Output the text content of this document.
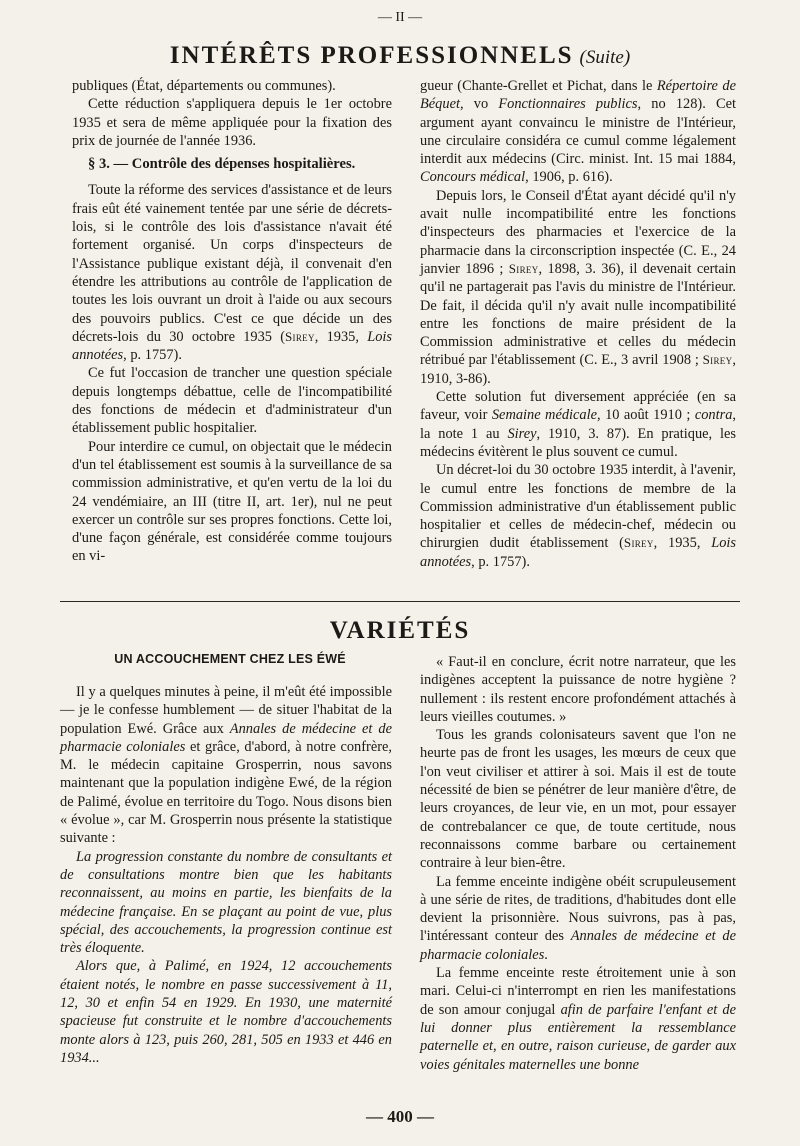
— II —
INTÉRÊTS PROFESSIONNELS (Suite)

publiques (État, départements ou communes).

Cette réduction s'appliquera depuis le 1er octobre 1935 et sera de même appliquée pour la fixation des prix de journée de l'année 1936.

§ 3. — Contrôle des dépenses hospitalières.

Toute la réforme des services d'assistance et de leurs frais eût été vainement tentée par une série de décrets-lois, si le contrôle des lois d'assistance n'avait été fortement organisé. Un corps d'inspecteurs de l'Assistance publique existant déjà, il convenait d'en étendre les attributions au contrôle de l'application de toutes les lois ouvrant un droit à l'aide ou aux secours des pouvoirs publics. C'est ce que décide un des décrets-lois du 30 octobre 1935 (Sirey, 1935, Lois annotées, p. 1757).

Ce fut l'occasion de trancher une question spéciale depuis longtemps débattue, celle de l'incompatibilité des fonctions de médecin et d'administrateur d'un établissement public hospitalier.

Pour interdire ce cumul, on objectait que le médecin d'un tel établissement est soumis à la surveillance de sa commission administrative, et qu'en vertu de la loi du 24 vendémiaire, an III (titre II, art. 1er), nul ne peut exercer un contrôle sur ses propres fonctions. Cette loi, d'une façon générale, est considérée comme toujours en vi-

gueur (Chante-Grellet et Pichat, dans le Répertoire de Béquet, vo Fonctionnaires publics, no 128). Cet argument ayant convaincu le ministre de l'Intérieur, une circulaire considéra ce cumul comme légalement interdit aux médecins (Circ. minist. Int. 15 mai 1884, Concours médical, 1906, p. 616).

Depuis lors, le Conseil d'État ayant décidé qu'il n'y avait nulle incompatibilité entre les fonctions d'inspecteurs des pharmacies et l'exercice de la pharmacie dans la circonscription inspectée (C. E., 24 janvier 1896 ; Sirey, 1898, 3. 36), il devenait certain qu'il ne partagerait pas l'avis du ministre de l'Intérieur. De fait, il décida qu'il n'y avait nulle incompatibilité entre les fonctions de maire président de la Commission administrative et celles du médecin rétribué par l'établissement (C. E., 3 avril 1908 ; Sirey, 1910, 3-86).

Cette solution fut diversement appréciée (en sa faveur, voir Semaine médicale, 10 août 1910 ; contra, la note 1 au Sirey, 1910, 3. 87). En pratique, les médecins évitèrent le plus souvent ce cumul.

Un décret-loi du 30 octobre 1935 interdit, à l'avenir, le cumul entre les fonctions de membre de la Commission administrative d'un établissement public hospitalier et celles de médecin-chef, médecin ou chirurgien dudit établissement (Sirey, 1935, Lois annotées, p. 1757).

VARIÉTÉS
UN ACCOUCHEMENT CHEZ LES ÉWÉ

Il y a quelques minutes à peine, il m'eût été impossible — je le confesse humblement — de situer l'habitat de la population Ewé. Grâce aux Annales de médecine et de pharmacie coloniales et grâce, d'abord, à notre confrère, M. le médecin capitaine Grosperrin, nous savons maintenant que la population indigène Ewé, de la région de Palimé, évolue en territoire du Togo. Nous disons bien « évolue », car M. Grosperrin nous présente la statistique suivante :

La progression constante du nombre de consultants et de consultations montre bien que les habitants reconnaissent, au moins en partie, les bienfaits de la médecine française. En se plaçant au point de vue, plus spécial, des accouchements, la progression continue est très éloquente.

Alors que, à Palimé, en 1924, 12 accouchements étaient notés, le nombre en passe successivement à 11, 12, 30 et enfin 54 en 1929. En 1930, une maternité spacieuse fut construite et le nombre d'accouchements monte alors à 123, puis 260, 281, 505 en 1933 et 446 en 1934...

« Faut-il en conclure, écrit notre narrateur, que les indigènes acceptent la puissance de notre hygiène ? nullement : ils restent encore profondément attachés à leurs vieilles coutumes. »

Tous les grands colonisateurs savent que l'on ne heurte pas de front les usages, les mœurs de ceux que l'on veut civiliser et attirer à soi. Mais il est de toute nécessité de bien se pénétrer de leur manière d'être, de leurs croyances, de leur vie, en un mot, pour essayer de contrebalancer ce que, de toute certitude, nous reconnaissons comme barbare ou certainement contraire à leur bien-être.

La femme enceinte indigène obéit scrupuleusement à une série de rites, de traditions, d'habitudes dont elle devient la prisonnière. Nous suivrons, pas à pas, l'intéressant conteur des Annales de médecine et de pharmacie coloniales.

La femme enceinte reste étroitement unie à son mari. Celui-ci n'interrompt en rien les manifestations de son amour conjugal afin de parfaire l'enfant et de lui donner plus entièrement la ressemblance paternelle et, en outre, raison curieuse, de garder aux voies génitales maternelles une bonne

— 400 —
